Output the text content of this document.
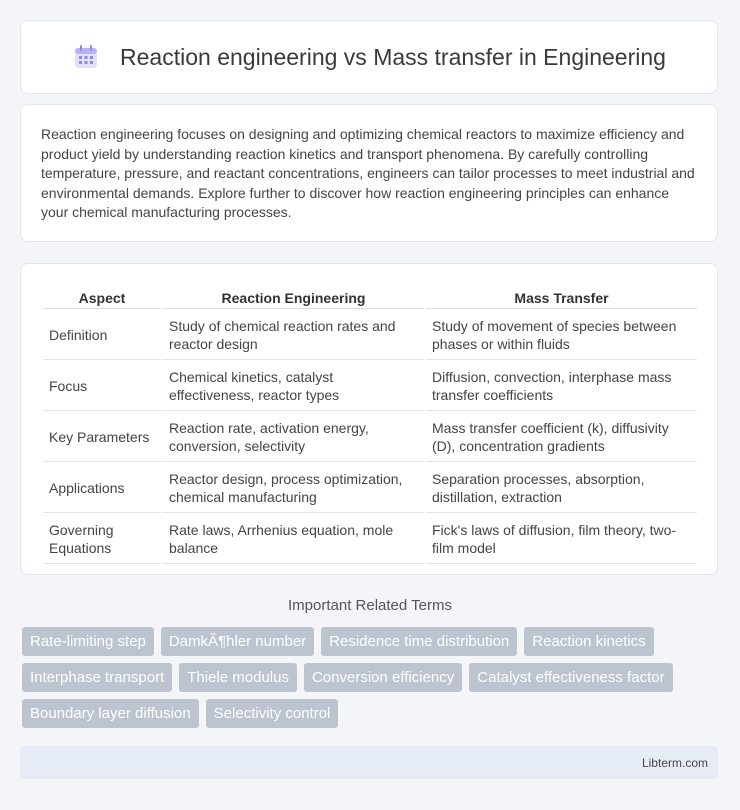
Reaction engineering vs Mass transfer in Engineering

Reaction engineering focuses on designing and optimizing chemical reactors to maximize efficiency and product yield by understanding reaction kinetics and transport phenomena. By carefully controlling temperature, pressure, and reactant concentrations, engineers can tailor processes to meet industrial and environmental demands. Explore further to discover how reaction engineering principles can enhance your chemical manufacturing processes.

Aspect	Reaction Engineering	Mass Transfer
Definition	Study of chemical reaction rates and reactor design	Study of movement of species between phases or within fluids
Focus	Chemical kinetics, catalyst effectiveness, reactor types	Diffusion, convection, interphase mass transfer coefficients
Key Parameters	Reaction rate, activation energy, conversion, selectivity	Mass transfer coefficient (k), diffusivity (D), concentration gradients
Applications	Reactor design, process optimization, chemical manufacturing	Separation processes, absorption, distillation, extraction
Governing Equations	Rate laws, Arrhenius equation, mole balance	Fick's laws of diffusion, film theory, two-film model
Important Related Terms
Rate-limiting step	DamkÃ¶hler number	Residence time distribution	Reaction kinetics
Interphase transport	Thiele modulus	Conversion efficiency	Catalyst effectiveness factor
Boundary layer diffusion	Selectivity control
Libterm.com
